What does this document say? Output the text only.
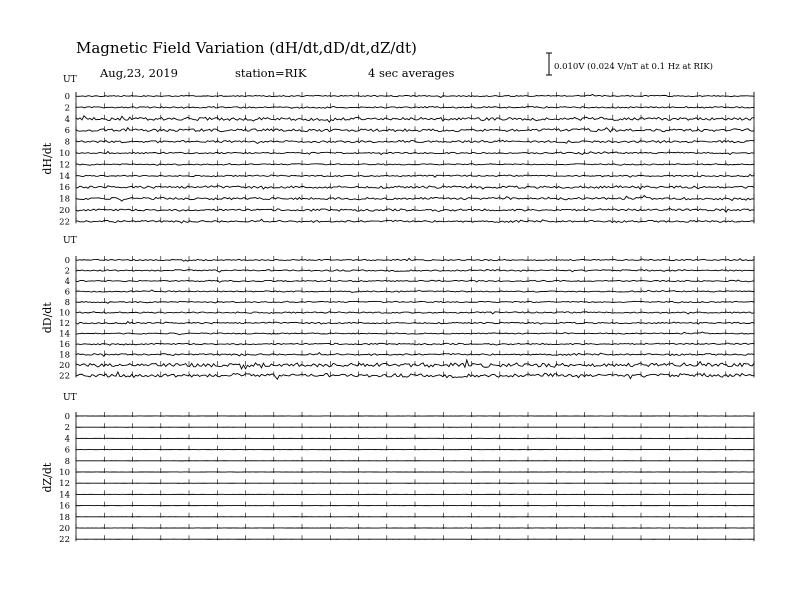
Magnetic Field Variation (dH/dt,dD/dt,dZ/dt)
Aug,23, 2019	station=RIK	4 sec averages	0.010V (0.024 V/nT at 0.1 Hz at RIK)
UT
dH/dt
0
2
4
6
8
10
12
14
16
18
20
22
UT
dD/dt
0
2
4
6
8
10
12
14
16
18
20
22
UT
dZ/dt
0
2
4
6
8
10
12
14
16
18
20
22
